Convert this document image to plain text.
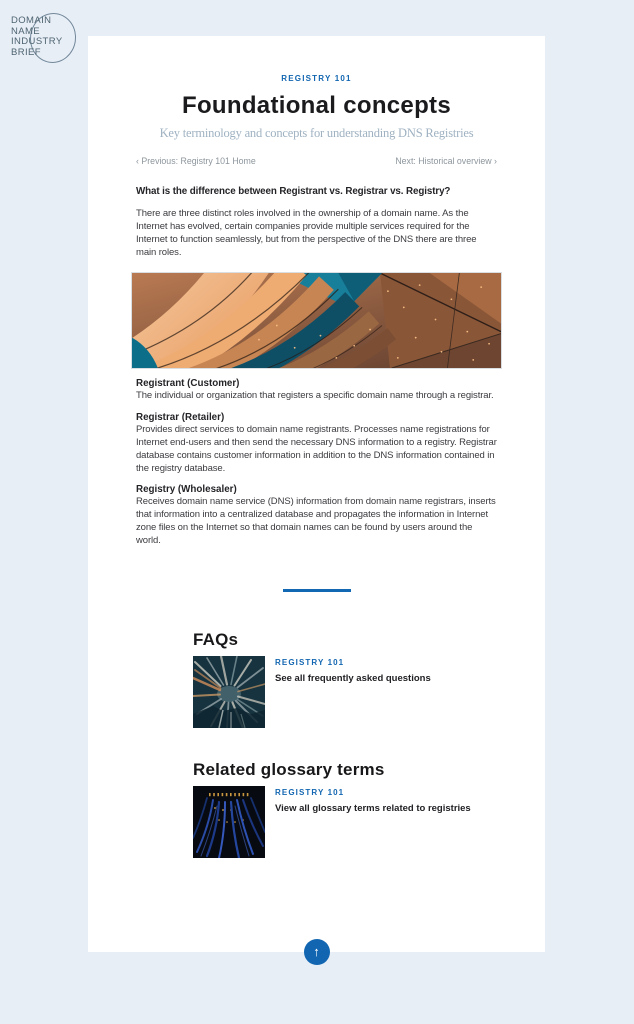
DOMAIN
NAME
INDUSTRY
BRIEF
REGISTRY 101
Foundational concepts
Key terminology and concepts for understanding DNS Registries
‹ Previous: Registry 101 Home	Next: Historical overview ›
What is the difference between Registrant vs. Registrar vs. Registry?

There are three distinct roles involved in the ownership of a domain name. As the Internet has evolved, certain companies provide multiple services required for the Internet to function seamlessly, but from the perspective of the DNS there are three main roles.

Registrant (Customer)
The individual or organization that registers a specific domain name through a registrar.
Registrar (Retailer)
Provides direct services to domain name registrants. Processes name registrations for Internet end-users and then send the necessary DNS information to a registry. Registrar database contains customer information in addition to the DNS information contained in the registry database.
Registry (Wholesaler)
Receives domain name service (DNS) information from domain name registrars, inserts that information into a centralized database and propagates the information in Internet zone files on the Internet so that domain names can be found by users around the world.
FAQs
REGISTRY 101
See all frequently asked questions
Related glossary terms
REGISTRY 101
View all glossary terms related to registries
↑
